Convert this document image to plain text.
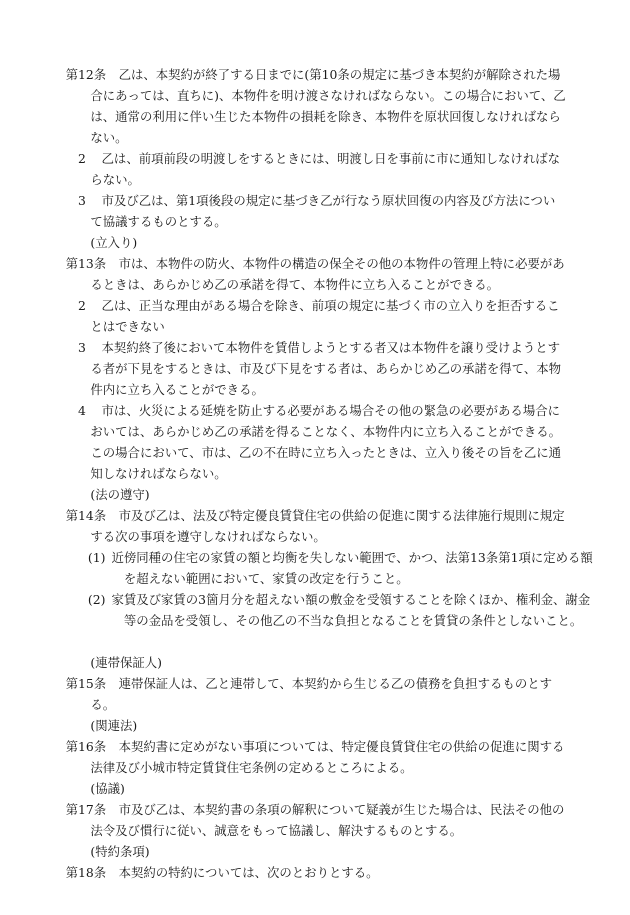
第12条 乙は、本契約が終了する日までに(第10条の規定に基づき本契約が解除された場合にあっては、直ちに)、本物件を明け渡さなければならない。この場合において、乙は、通常の利用に伴い生じた本物件の損耗を除き、本物件を原状回復しなければならない。
2 乙は、前項前段の明渡しをするときには、明渡し日を事前に市に通知しなければならない。
3 市及び乙は、第1項後段の規定に基づき乙が行なう原状回復の内容及び方法について協議するものとする。
(立入り)
第13条 市は、本物件の防火、本物件の構造の保全その他の本物件の管理上特に必要があるときは、あらかじめ乙の承諾を得て、本物件に立ち入ることができる。
2 乙は、正当な理由がある場合を除き、前項の規定に基づく市の立入りを拒否することはできない
3 本契約終了後において本物件を賃借しようとする者又は本物件を譲り受けようとする者が下見をするときは、市及び下見をする者は、あらかじめ乙の承諾を得て、本物件内に立ち入ることができる。
4 市は、火災による延焼を防止する必要がある場合その他の緊急の必要がある場合においては、あらかじめ乙の承諾を得ることなく、本物件内に立ち入ることができる。この場合において、市は、乙の不在時に立ち入ったときは、立入り後その旨を乙に通知しなければならない。
(法の遵守)
第14条 市及び乙は、法及び特定優良賃貸住宅の供給の促進に関する法律施行規則に規定する次の事項を遵守しなければならない。
(1) 近傍同種の住宅の家賃の額と均衡を失しない範囲で、かつ、法第13条第1項に定める額を超えない範囲において、家賃の改定を行うこと。
(2) 家賃及び家賃の3箇月分を超えない額の敷金を受領することを除くほか、権利金、謝金等の金品を受領し、その他乙の不当な負担となることを賃貸の条件としないこと。
(連帯保証人)
第15条 連帯保証人は、乙と連帯して、本契約から生じる乙の債務を負担するものとする。
(関連法)
第16条 本契約書に定めがない事項については、特定優良賃貸住宅の供給の促進に関する法律及び小城市特定賃貸住宅条例の定めるところによる。
(協議)
第17条 市及び乙は、本契約書の条項の解釈について疑義が生じた場合は、民法その他の法令及び慣行に従い、誠意をもって協議し、解決するものとする。
(特約条項)
第18条 本契約の特約については、次のとおりとする。
